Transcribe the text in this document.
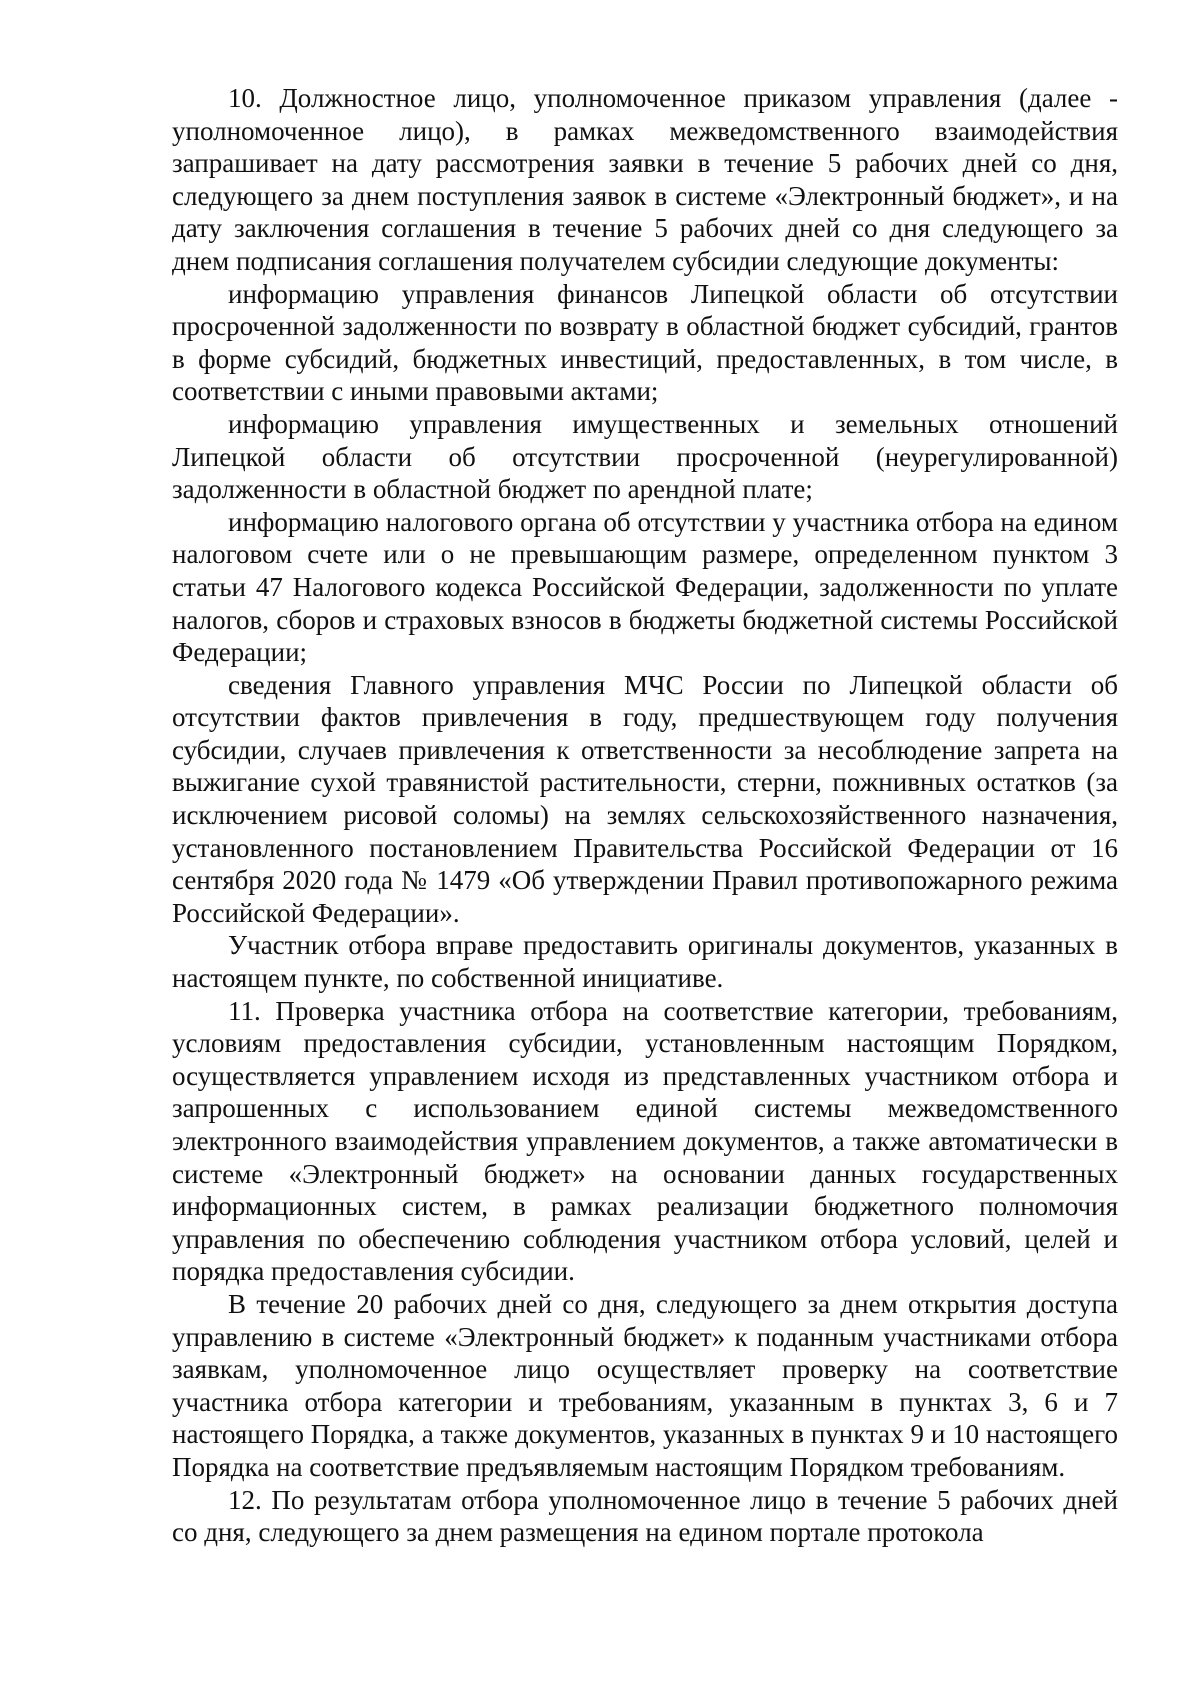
10. Должностное лицо, уполномоченное приказом управления (далее - уполномоченное лицо), в рамках межведомственного взаимодействия запрашивает на дату рассмотрения заявки в течение 5 рабочих дней со дня, следующего за днем поступления заявок в системе «Электронный бюджет», и на дату заключения соглашения в течение 5 рабочих дней со дня следующего за днем подписания соглашения получателем субсидии следующие документы:

информацию управления финансов Липецкой области об отсутствии просроченной задолженности по возврату в областной бюджет субсидий, грантов в форме субсидий, бюджетных инвестиций, предоставленных, в том числе, в соответствии с иными правовыми актами;

информацию управления имущественных и земельных отношений Липецкой области об отсутствии просроченной (неурегулированной) задолженности в областной бюджет по арендной плате;

информацию налогового органа об отсутствии у участника отбора на едином налоговом счете или о не превышающим размере, определенном пунктом 3 статьи 47 Налогового кодекса Российской Федерации, задолженности по уплате налогов, сборов и страховых взносов в бюджеты бюджетной системы Российской Федерации;

сведения Главного управления МЧС России по Липецкой области об отсутствии фактов привлечения в году, предшествующем году получения субсидии, случаев привлечения к ответственности за несоблюдение запрета на выжигание сухой травянистой растительности, стерни, пожнивных остатков (за исключением рисовой соломы) на землях сельскохозяйственного назначения, установленного постановлением Правительства Российской Федерации от 16 сентября 2020 года № 1479 «Об утверждении Правил противопожарного режима Российской Федерации».

Участник отбора вправе предоставить оригиналы документов, указанных в настоящем пункте, по собственной инициативе.

11. Проверка участника отбора на соответствие категории, требованиям, условиям предоставления субсидии, установленным настоящим Порядком, осуществляется управлением исходя из представленных участником отбора и запрошенных с использованием единой системы межведомственного электронного взаимодействия управлением документов, а также автоматически в системе «Электронный бюджет» на основании данных государственных информационных систем, в рамках реализации бюджетного полномочия управления по обеспечению соблюдения участником отбора условий, целей и порядка предоставления субсидии.

В течение 20 рабочих дней со дня, следующего за днем открытия доступа управлению в системе «Электронный бюджет» к поданным участниками отбора заявкам, уполномоченное лицо осуществляет проверку на соответствие участника отбора категории и требованиям, указанным в пунктах 3, 6 и 7 настоящего Порядка, а также документов, указанных в пунктах 9 и 10 настоящего Порядка на соответствие предъявляемым настоящим Порядком требованиям.

12. По результатам отбора уполномоченное лицо в течение 5 рабочих дней со дня, следующего за днем размещения на едином портале протокола
